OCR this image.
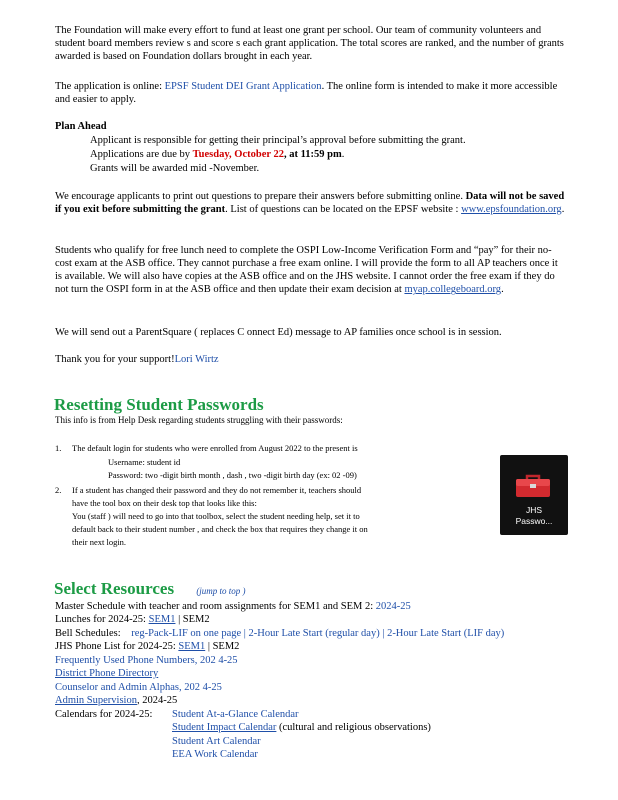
The Foundation will make every effort to fund at least one grant per school. Our team of community volunteers and student board members review s and score s each grant application. The total scores are ranked, and the number of grants awarded is based on Foundation dollars brought in each year.

The application is online: EPSF Student DEI Grant Application. The online form is intended to make it more accessible and easier to apply.

Plan Ahead
Applicant is responsible for getting their principal’s approval before submitting the grant.
Applications are due by Tuesday, October 22, at 11:59 pm.
Grants will be awarded mid -November.

We encourage applicants to print out questions to prepare their answers before submitting online. Data will not be saved if you exit before submitting the grant. List of questions can be located on the EPSF website : www.epsfoundation.org.

Students who qualify for free lunch need to complete the OSPI Low-Income Verification Form and “pay” for their no-cost exam at the ASB office. They cannot purchase a free exam online. I will provide the form to all AP teachers once it is available. We will also have copies at the ASB office and on the JHS website. I cannot order the free exam if they do not turn the OSPI form in at the ASB office and then update their exam decision at myap.collegeboard.org.

We will send out a ParentSquare ( replaces C onnect Ed) message to AP families once school is in session.

Thank you for your support!Lori Wirtz

Resetting Student Passwords
This info is from Help Desk regarding students struggling with their passwords:
1. The default login for students who were enrolled from August 2022 to the present is
Username: student id
Password: two -digit birth month , dash , two -digit birth day (ex: 02 -09)
2. If a student has changed their password and they do not remember it, teachers should
have the tool box on their desk top that looks like this:
You (staff ) will need to go into that toolbox, select the student needing help, set it to
default back to their student number , and check the box that requires they change it on
their next login.
JHS
Passwo...
Select Resources (jump to top )
Master Schedule with teacher and room assignments for SEM1 and SEM 2: 2024-25
Lunches for 2024-25: SEM1 | SEM2
Bell Schedules: reg-Pack-LIF on one page | 2-Hour Late Start (regular day) | 2-Hour Late Start (LIF day)
JHS Phone List for 2024-25: SEM1 | SEM2
Frequently Used Phone Numbers, 202 4-25
District Phone Directory
Counselor and Admin Alphas, 202 4-25
Admin Supervision, 2024-25
Calendars for 2024-25:	Student At-a-Glance Calendar
Student Impact Calendar (cultural and religious observations)
Student Art Calendar
EEA Work Calendar
